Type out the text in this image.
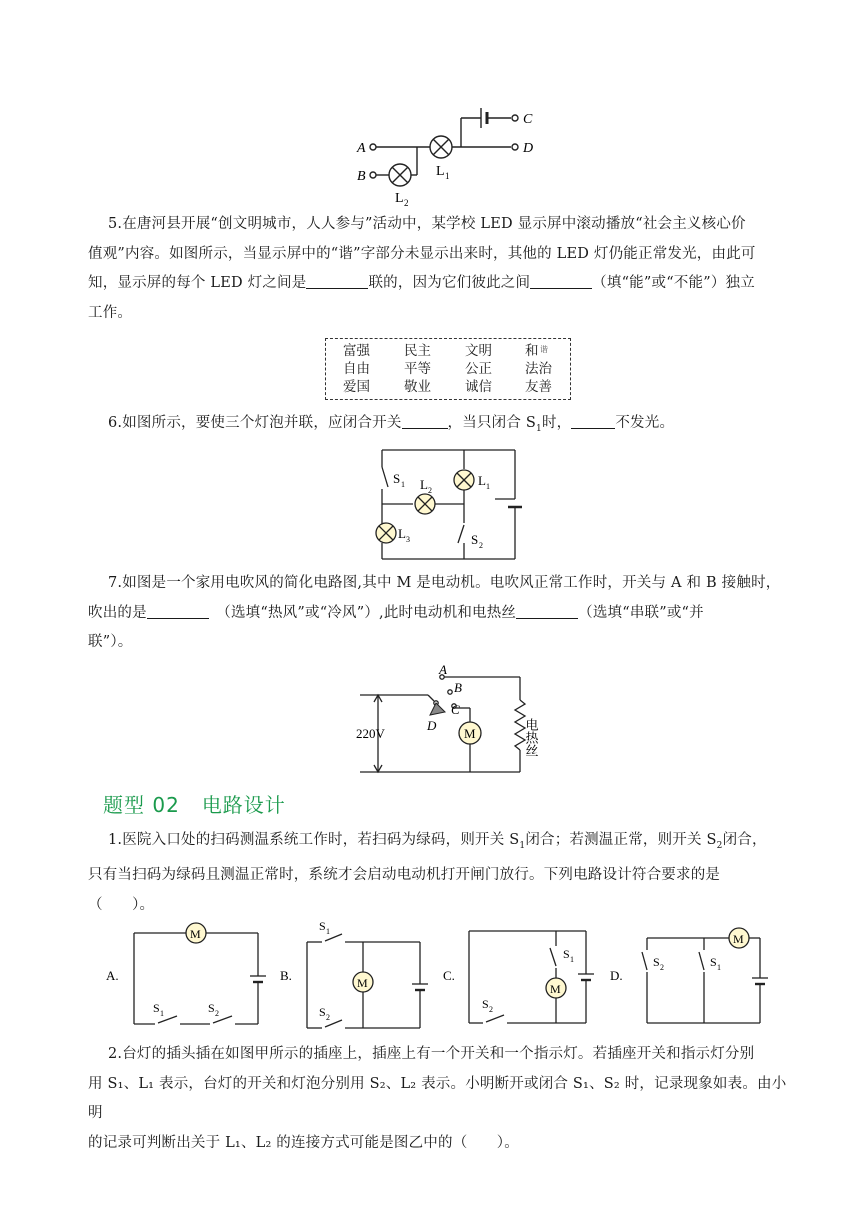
A
B
C
D
L 1
L 2
5.在唐河县开展“创文明城市，人人参与”活动中，某学校 LED 显示屏中滚动播放“社会主义核心价
值观”内容。如图所示，当显示屏中的“谐”字部分未显示出来时，其他的 LED 灯仍能正常发光，由此可
知，显示屏的每个 LED 灯之间是	联的，因为它们彼此之间	（填“能”或“不能”）独立
工作。
富强	民主	文明 和 谐
自由	平等	公正 法治
爱国	敬业	诚信 友善
6.如图所示，要使三个灯泡并联，应闭合开关	，当只闭合 $S_1$时，	不发光。
S 1 L 2
L 1
L 3	S 2
7.如图是一个家用电吹风的简化电路图,其中 M 是电动机。电吹风正常工作时，开关与 A 和 B 接触时，
吹出的是　	（选填“热风”或“冷风”）,此时电动机和电热丝	（选填“串联”或“并
联”）。
A
B
C
D
220V	M	电热丝
题型 02 电路设计
1.医院入口处的扫码测温系统工作时，若扫码为绿码，则开关 $S_1$闭合；若测温正常，则开关 $S_2$闭合，
只有当扫码为绿码且测温正常时，系统才会启动电动机打开闸门放行。下列电路设计符合要求的是
（　　）。
A.
M
S 1	S 2
B.	M
S 1
S 2
C.
M
S 1
S 2
D.
M
S 2	S 1
2.台灯的插头插在如图甲所示的插座上，插座上有一个开关和一个指示灯。若插座开关和指示灯分别
用 S₁、L₁ 表示，台灯的开关和灯泡分别用 S₂、L₂ 表示。小明断开或闭合 S₁、S₂ 时，记录现象如表。由小明
的记录可判断出关于 L₁、L₂ 的连接方式可能是图乙中的（　　）。
